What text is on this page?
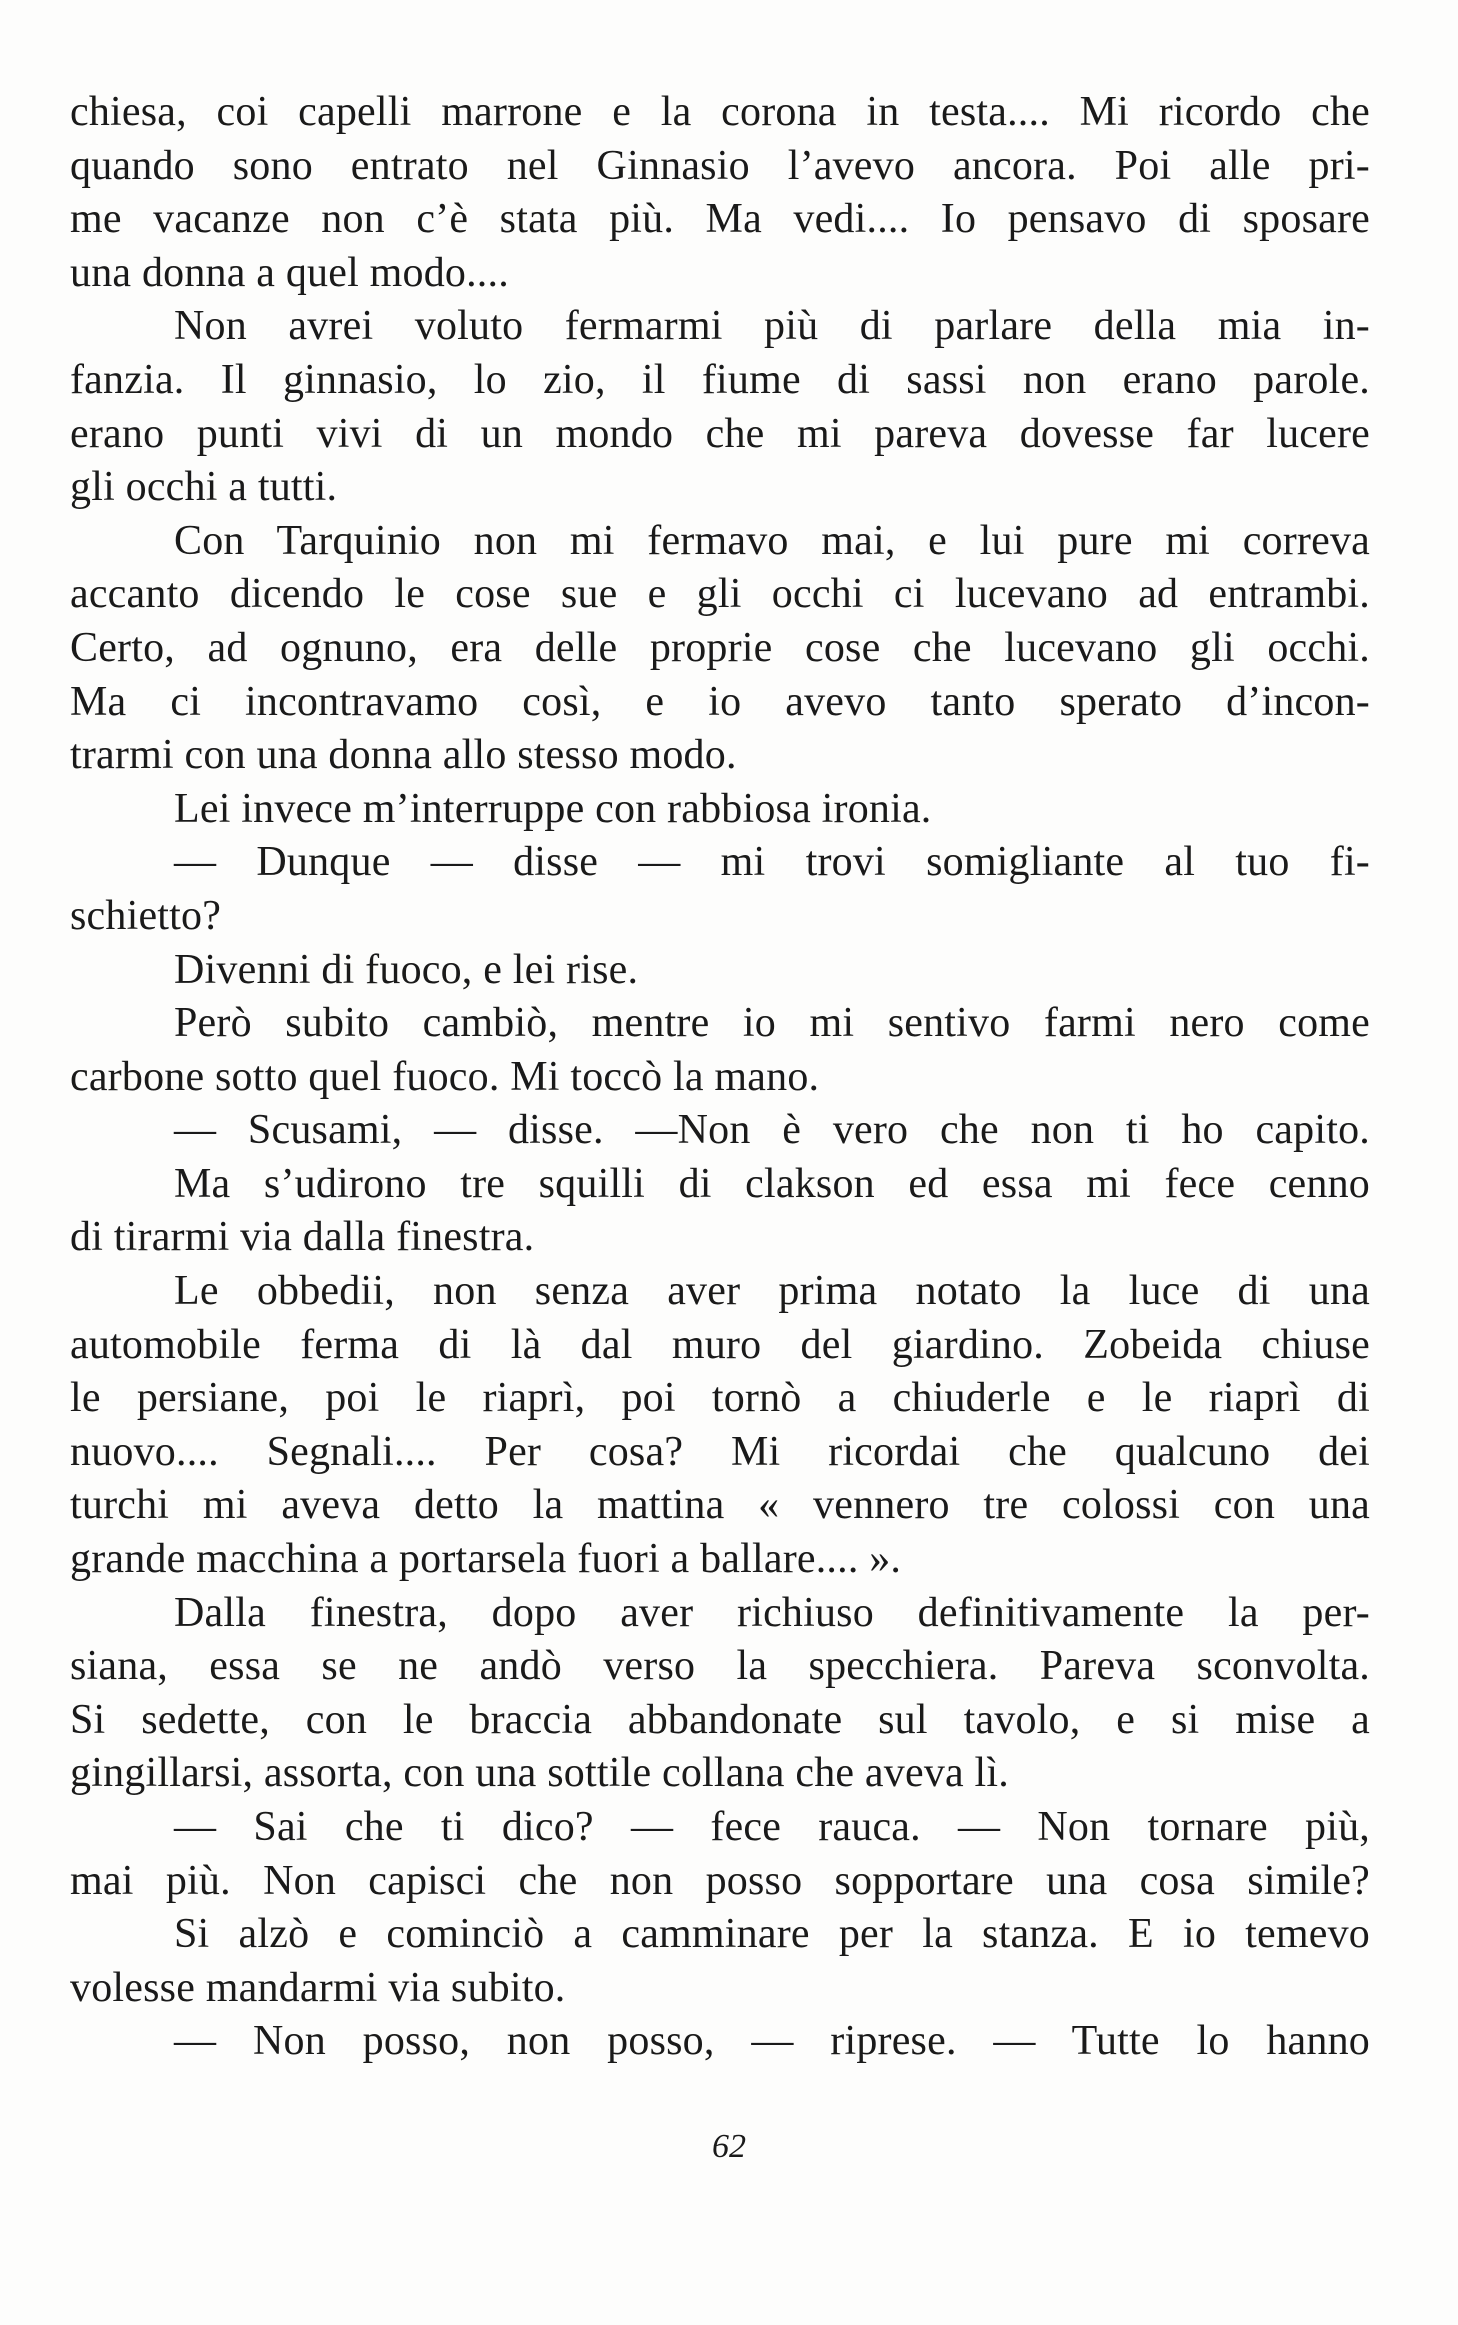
chiesa, coi capelli marrone e la corona in testa.... Mi ricordo che
quando sono entrato nel Ginnasio l’avevo ancora. Poi alle pri-
me vacanze non c’è stata più. Ma vedi.... Io pensavo di sposare
una donna a quel modo....
Non avrei voluto fermarmi più di parlare della mia in-
fanzia. Il ginnasio, lo zio, il fiume di sassi non erano parole.
erano punti vivi di un mondo che mi pareva dovesse far lucere
gli occhi a tutti.
Con Tarquinio non mi fermavo mai, e lui pure mi correva
accanto dicendo le cose sue e gli occhi ci lucevano ad entrambi.
Certo, ad ognuno, era delle proprie cose che lucevano gli occhi.
Ma ci incontravamo così, e io avevo tanto sperato d’incon-
trarmi con una donna allo stesso modo.
Lei invece m’interruppe con rabbiosa ironia.
— Dunque — disse — mi trovi somigliante al tuo fi-
schietto?
Divenni di fuoco, e lei rise.
Però subito cambiò, mentre io mi sentivo farmi nero come
carbone sotto quel fuoco. Mi toccò la mano.
— Scusami, — disse. —Non è vero che non ti ho capito.
Ma s’udirono tre squilli di clakson ed essa mi fece cenno
di tirarmi via dalla finestra.
Le obbedii, non senza aver prima notato la luce di una
automobile ferma di là dal muro del giardino. Zobeida chiuse
le persiane, poi le riaprì, poi tornò a chiuderle e le riaprì di
nuovo.... Segnali.... Per cosa? Mi ricordai che qualcuno dei
turchi mi aveva detto la mattina « vennero tre colossi con una
grande macchina a portarsela fuori a ballare.... ».
Dalla finestra, dopo aver richiuso definitivamente la per-
siana, essa se ne andò verso la specchiera. Pareva sconvolta.
Si sedette, con le braccia abbandonate sul tavolo, e si mise a
gingillarsi, assorta, con una sottile collana che aveva lì.
— Sai che ti dico? — fece rauca. — Non tornare più,
mai più. Non capisci che non posso sopportare una cosa simile?
Si alzò e cominciò a camminare per la stanza. E io temevo
volesse mandarmi via subito.
— Non posso, non posso, — riprese. — Tutte lo hanno
62
